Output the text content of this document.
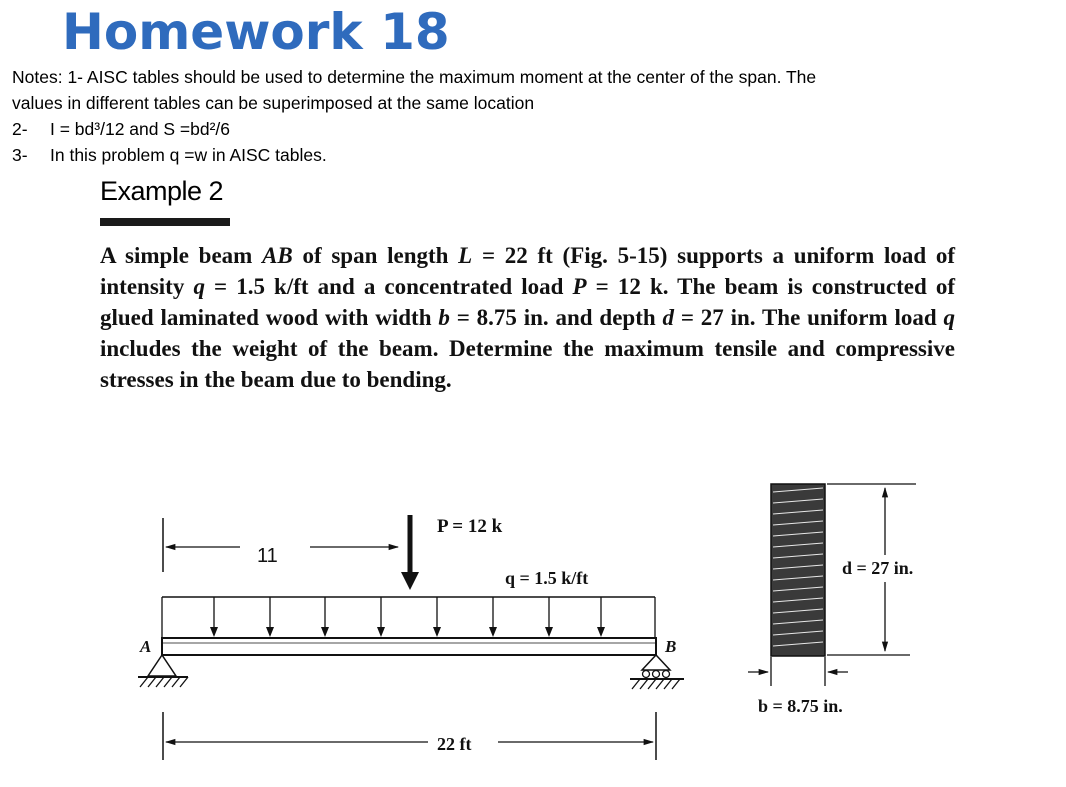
Homework 18
Notes: 1- AISC tables should be used to determine the maximum moment at the center of the span. The
values in different tables can be superimposed at the same location
2- I = bd³/12 and S =bd²/6
3- In this problem q =w in AISC tables.
Example 2
A simple beam AB of span length L = 22 ft (Fig. 5-15) supports a uniform load of intensity q = 1.5 k/ft and a concentrated load P = 12 k. The beam is constructed of glued laminated wood with width b = 8.75 in. and depth d = 27 in. The uniform load q includes the weight of the beam. Determine the maximum tensile and compressive stresses in the beam due to bending.
11
P = 12 k
q = 1.5 k/ft
A	B
22 ft
d = 27 in.
b = 8.75 in.
